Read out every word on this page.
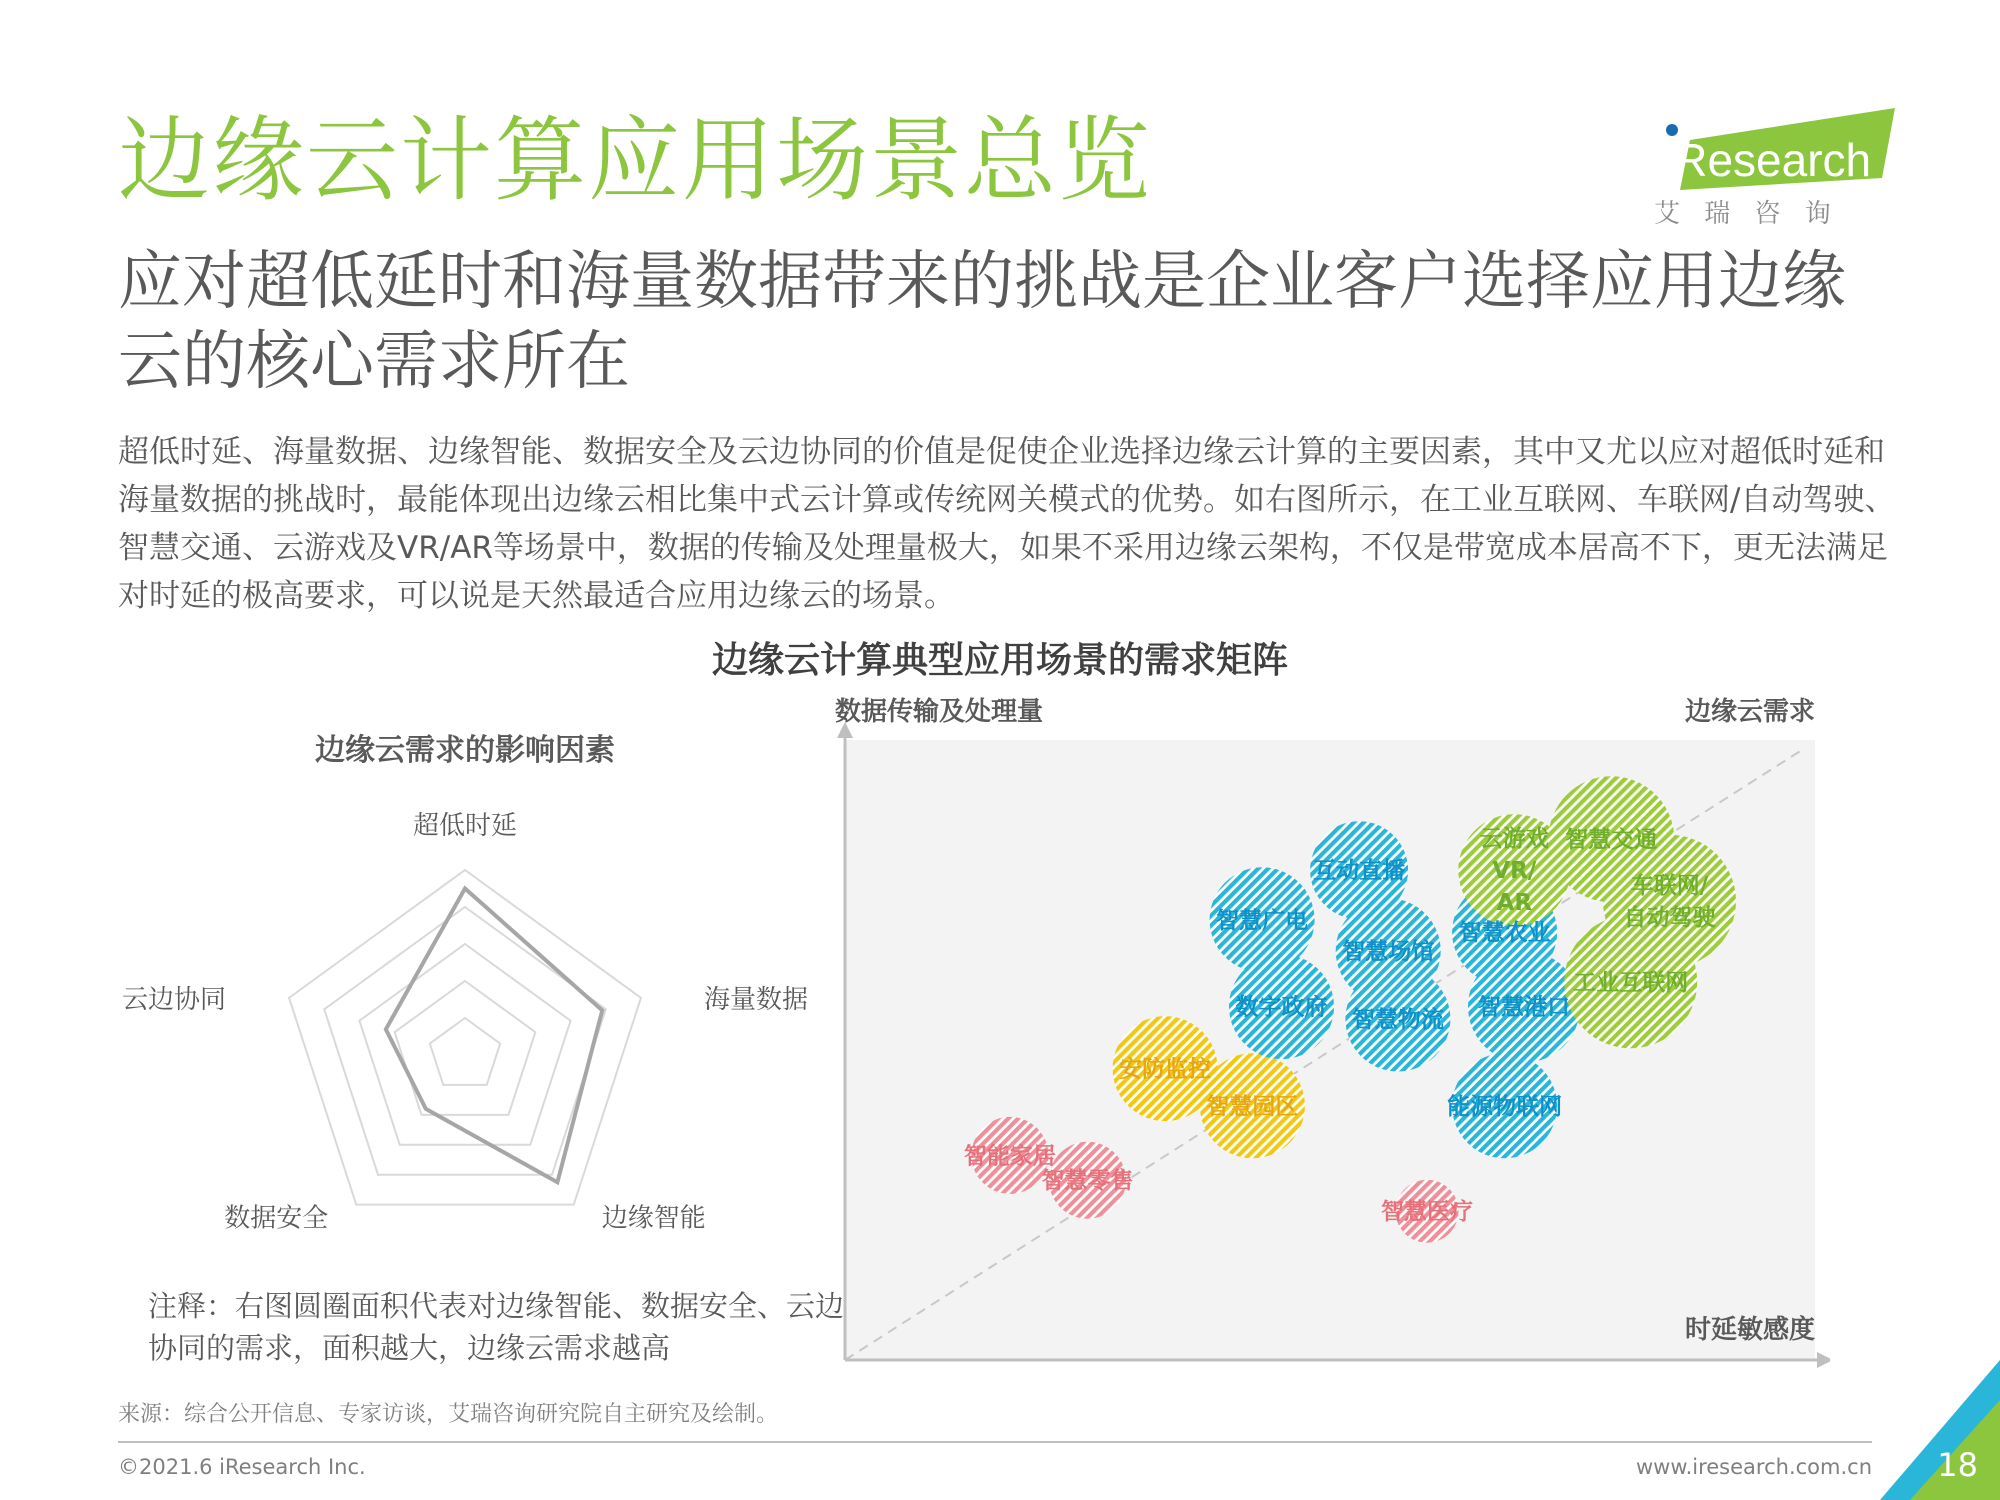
边缘云计算应用场景总览
应对超低延时和海量数据带来的挑战是企业客户选择应用边缘云的核心需求所在
iResearch
艾 瑞 咨 询
超低时延、海量数据、边缘智能、数据安全及云边协同的价值是促使企业选择边缘云计算的主要因素，其中又尤以应对超低时延和海量数据的挑战时，最能体现出边缘云相比集中式云计算或传统网关模式的优势。如右图所示，在工业互联网、车联网/自动驾驶、智慧交通、云游戏及VR/AR等场景中，数据的传输及处理量极大，如果不采用边缘云架构，不仅是带宽成本居高不下，更无法满足对时延的极高要求，可以说是天然最适合应用边缘云的场景。
边缘云计算典型应用场景的需求矩阵
边缘云需求的影响因素
超低时延
海量数据
边缘智能
数据安全
云边协同
注释：右图圆圈面积代表对边缘智能、数据安全、云边协同的需求，面积越大，边缘云需求越高
数据传输及处理量	边缘云需求
时延敏感度
智能家居
智慧零售
智慧医疗
安防监控
智慧园区
数字政府
智慧广电
互动直播
智慧场馆
智慧物流
智慧农业
智慧港口
能源物联网
云游戏 VR/ AR
智慧交通
车联网/自动驾驶
工业互联网
来源：综合公开信息、专家访谈，艾瑞咨询研究院自主研究及绘制。
©2021.6 iResearch Inc.	www.iresearch.com.cn 18
